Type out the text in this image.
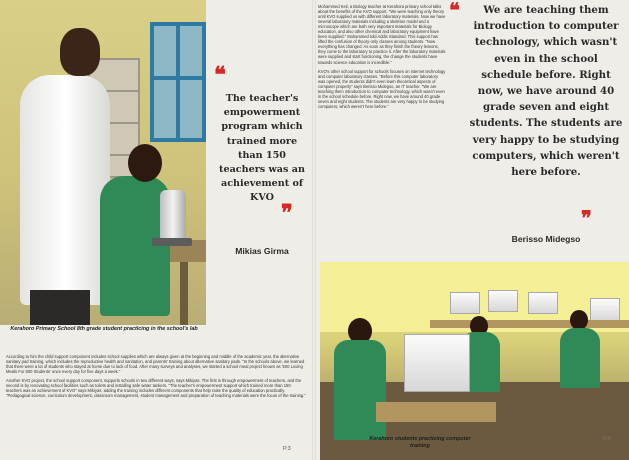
Kerahoro Primary School 8th grade student practicing in the school's lab
❝
The teacher's empowerment program which trained more than 150 teachers was an achievement of KVO
❞
Mikias Girma

According to him the child support component includes school supplies which are always given at the beginning and middle of the academic year, the alternative sanitary pad training, which includes the reproductive health and sanitation, and parents' training about alternative sanitary pads. "In the schools above, we learned that there were a lot of students who stayed at home due to lack of food. After many surveys and analyses, we started a school meal project known as '500 Loving Meals For 500 Students' once every day for five days a week."

Another KVO project, the school support component, supports schools in two different ways, says Mikiyas. The first is through empowerment of teachers, and the second is by renovating school facilities such as toilets and installing safe water tankers. "The teacher's empowerment support which trained more than 150 teachers was an achievement of KVO" says Mikiyas, adding the training includes different components that help raise the quality of education practically. "Pedagogical science, curriculum development, classroom management, student management and preparation of teaching materials were the focus of the training."

P.3

Mohammed Keil, a Biology teacher at Kerahora primary school talks about the benefits of the KVO support. "We were teaching only theory until KVO supplied us with different laboratory materials. Now we have several laboratory materials including a skeleton model and a microscope which are both very important materials for Biology education, and also other chemical and laboratory equipment have been supplied." Mohammed told Addis Standard. This support has lifted the confusion of theory-only classes among students. "Now everything has changed. As soon as they finish the theory lessons, they come to the laboratory to practice it. After the laboratory materials were supplied and start functioning, the change the students have towards science education is incredible."

KVO's other school support for schools focuses on internet technology and computer laboratory classes. "Before this computer laboratory was opened, the students didn't even learn theoretical aspects of computer properly" says Berisso Midegso, an IT teacher. "We are teaching them introduction to computer technology, which wasn't even in the school schedule before. Right now, we have around 40 grade seven and eight students. The students are very happy to be studying computers, which weren't here before."

❝	We are teaching them introduction to computer technology, which wasn't even in the school schedule before. Right now, we have around 40 grade seven and eight students. The students are very happy to be studying computers, which weren't here before.
❞
Berisso Midegso
Kerahoro students practicing computer training
P.4
